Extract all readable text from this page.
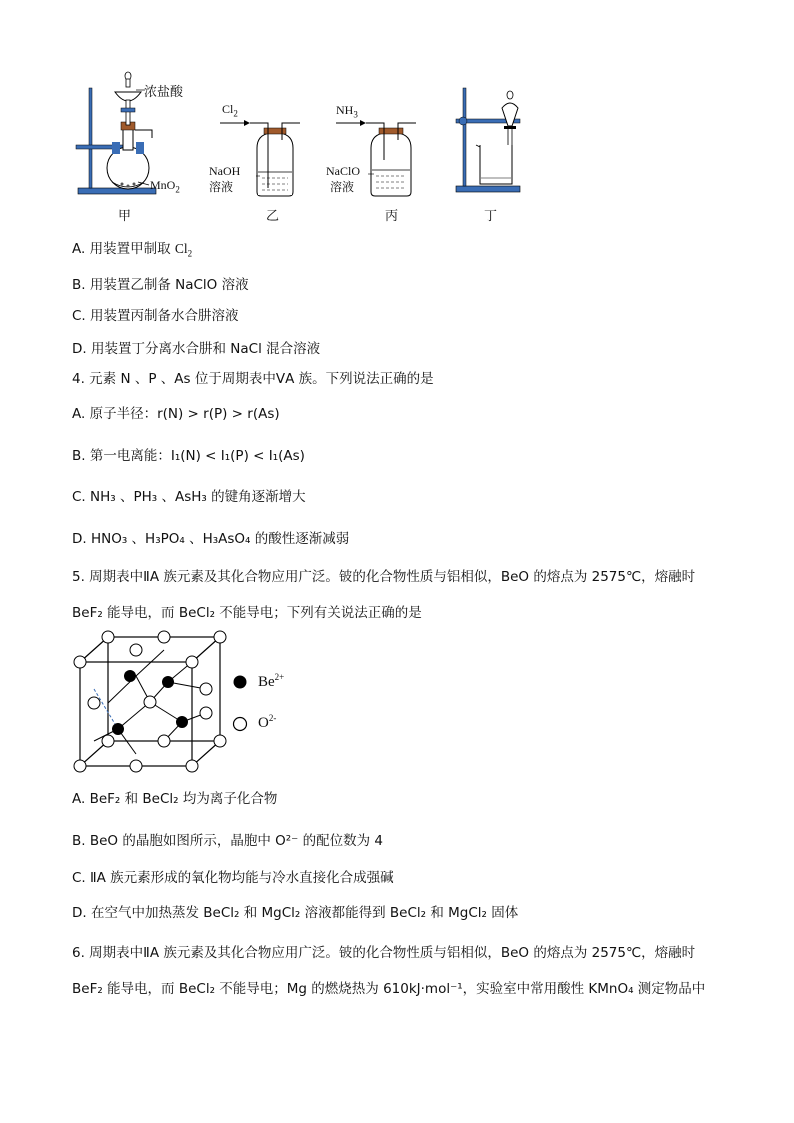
浓盐酸
MnO$_2$
甲
$Cl_2$
NaOH
溶液
乙
$NH_3$
NaClO
溶液
丙	丁
A. 用装置甲制取 $Cl_2$
B. 用装置乙制备 NaClO 溶液
C. 用装置丙制备水合肼溶液
D. 用装置丁分离水合肼和 NaCl 混合溶液
4. 元素 N 、P 、As 位于周期表中ⅤA 族。下列说法正确的是
A. 原子半径：r(N) > r(P) > r(As)
B. 第一电离能：I₁(N) < I₁(P) < I₁(As)
C. NH₃ 、PH₃ 、AsH₃ 的键角逐渐增大
D. HNO₃ 、H₃PO₄ 、H₃AsO₄ 的酸性逐渐减弱
5. 周期表中ⅡA 族元素及其化合物应用广泛。铍的化合物性质与铝相似，BeO 的熔点为 2575℃，熔融时
BeF₂ 能导电，而 BeCl₂ 不能导电；下列有关说法正确的是
$Be^{2+}$
$O^{2-}$
A. BeF₂ 和 BeCl₂ 均为离子化合物
B. BeO 的晶胞如图所示，晶胞中 O²⁻ 的配位数为 4
C. ⅡA 族元素形成的氧化物均能与冷水直接化合成强碱
D. 在空气中加热蒸发 BeCl₂ 和 MgCl₂ 溶液都能得到 BeCl₂ 和 MgCl₂ 固体
6. 周期表中ⅡA 族元素及其化合物应用广泛。铍的化合物性质与铝相似，BeO 的熔点为 2575℃，熔融时
BeF₂ 能导电，而 BeCl₂ 不能导电；Mg 的燃烧热为 610kJ·mol⁻¹，实验室中常用酸性 KMnO₄ 测定物品中
